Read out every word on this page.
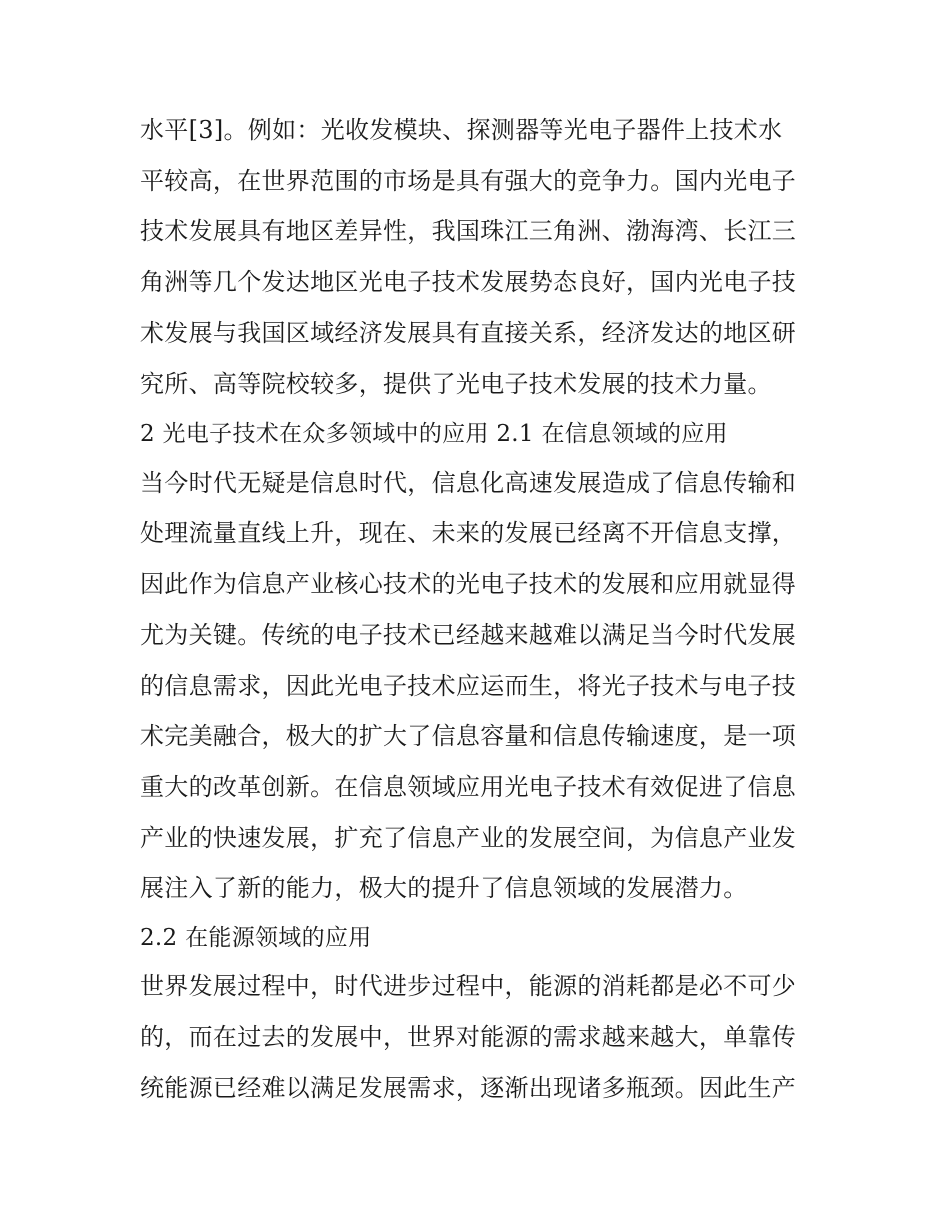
水平[3]。例如：光收发模块、探测器等光电子器件上技术水
平较高，在世界范围的市场是具有强大的竞争力。国内光电子
技术发展具有地区差异性，我国珠江三角洲、渤海湾、长江三
角洲等几个发达地区光电子技术发展势态良好，国内光电子技
术发展与我国区域经济发展具有直接关系，经济发达的地区研
究所、高等院校较多，提供了光电子技术发展的技术力量。
2 光电子技术在众多领域中的应用 2.1 在信息领域的应用
当今时代无疑是信息时代，信息化高速发展造成了信息传输和
处理流量直线上升，现在、未来的发展已经离不开信息支撑，
因此作为信息产业核心技术的光电子技术的发展和应用就显得
尤为关键。传统的电子技术已经越来越难以满足当今时代发展
的信息需求，因此光电子技术应运而生，将光子技术与电子技
术完美融合，极大的扩大了信息容量和信息传输速度，是一项
重大的改革创新。在信息领域应用光电子技术有效促进了信息
产业的快速发展，扩充了信息产业的发展空间，为信息产业发
展注入了新的能力，极大的提升了信息领域的发展潜力。
2.2 在能源领域的应用
世界发展过程中，时代进步过程中，能源的消耗都是必不可少
的，而在过去的发展中，世界对能源的需求越来越大，单靠传
统能源已经难以满足发展需求，逐渐出现诸多瓶颈。因此生产
